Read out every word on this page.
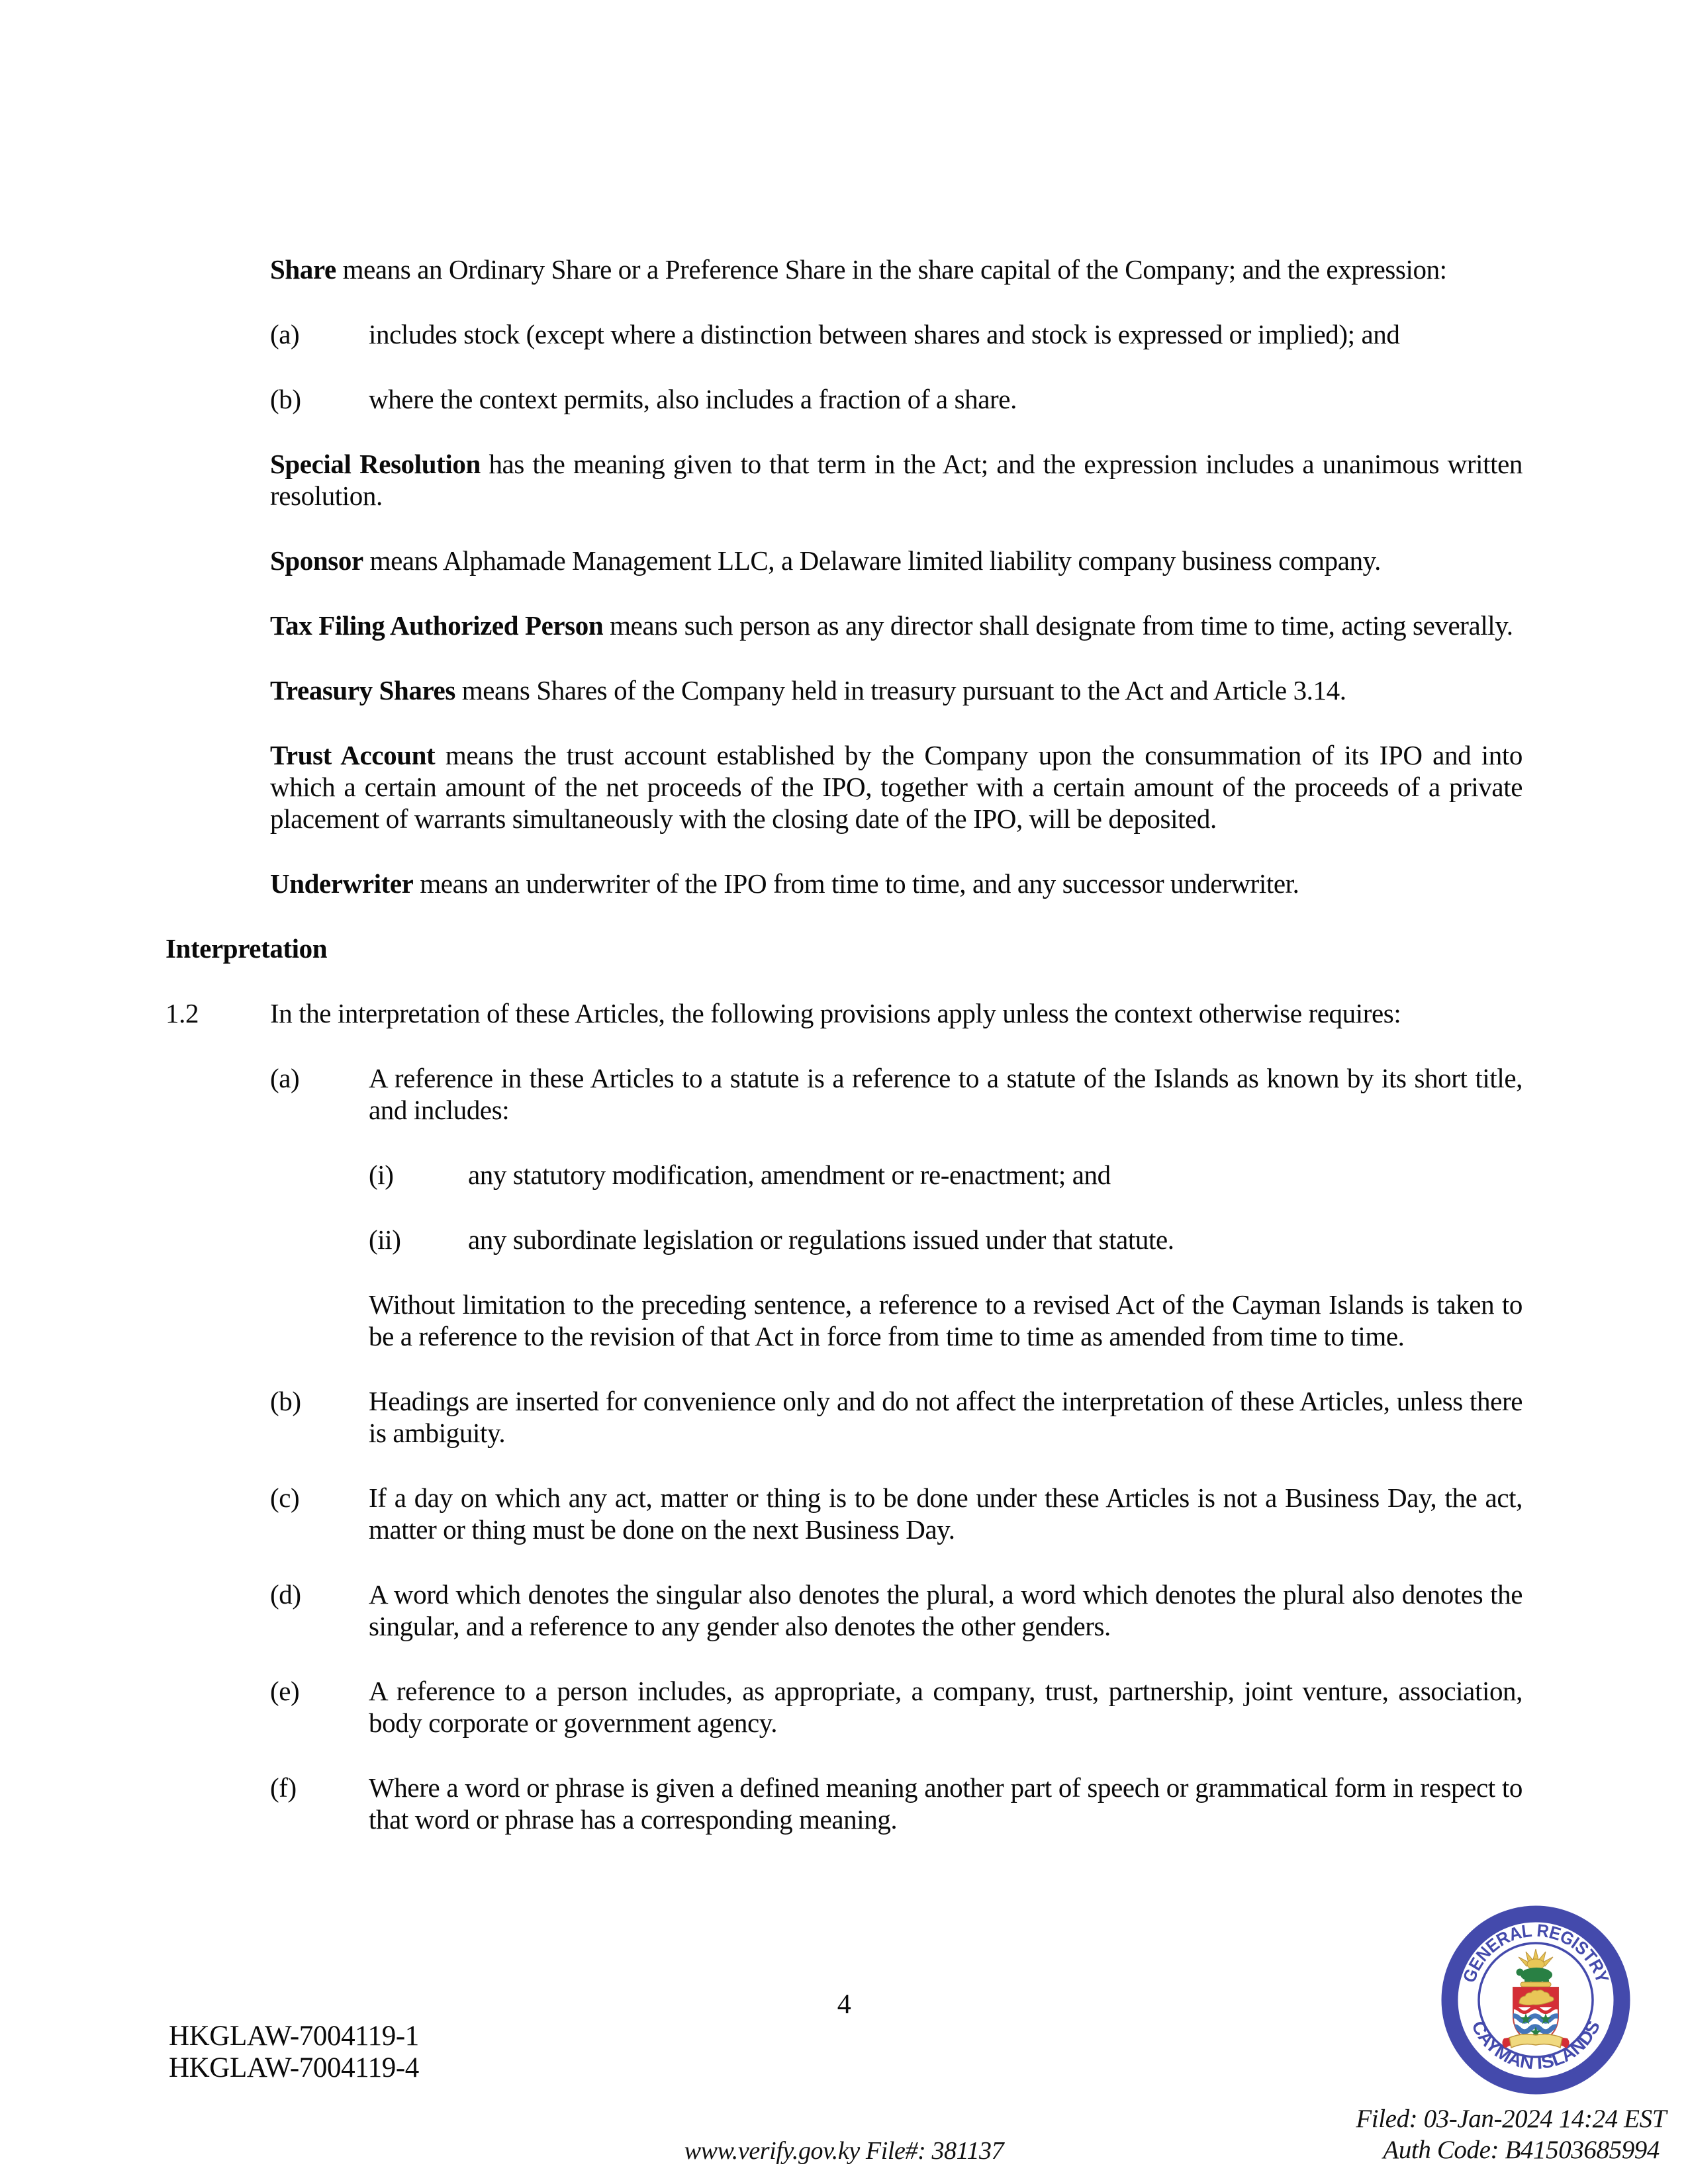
Share means an Ordinary Share or a Preference Share in the share capital of the Company; and the expression:

(a)	includes stock (except where a distinction between shares and stock is expressed or implied); and
(b) where the context permits, also includes a fraction of a share.

Special Resolution has the meaning given to that term in the Act; and the expression includes a unanimous written resolution.

Sponsor means Alphamade Management LLC, a Delaware limited liability company business company.

Tax Filing Authorized Person means such person as any director shall designate from time to time, acting severally.

Treasury Shares means Shares of the Company held in treasury pursuant to the Act and Article 3.14.

Trust Account means the trust account established by the Company upon the consummation of its IPO and into which a certain amount of the net proceeds of the IPO, together with a certain amount of the proceeds of a private placement of warrants simultaneously with the closing date of the IPO, will be deposited.

Underwriter means an underwriter of the IPO from time to time, and any successor underwriter.

Interpretation
1.2	In the interpretation of these Articles, the following provisions apply unless the context otherwise requires:
(a)	A reference in these Articles to a statute is a reference to a statute of the Islands as known by its short title, and includes:
(i)	any statutory modification, amendment or re-enactment; and
(ii) any subordinate legislation or regulations issued under that statute.

Without limitation to the preceding sentence, a reference to a revised Act of the Cayman Islands is taken to be a reference to the revision of that Act in force from time to time as amended from time to time.

(b) Headings are inserted for convenience only and do not affect the interpretation of these Articles, unless there is ambiguity.
(c)	If a day on which any act, matter or thing is to be done under these Articles is not a Business Day, the act, matter or thing must be done on the next Business Day.
(d) A word which denotes the singular also denotes the plural, a word which denotes the plural also denotes the singular, and a reference to any gender also denotes the other genders.
(e)	A reference to a person includes, as appropriate, a company, trust, partnership, joint venture, association, body corporate or government agency.
(f)	Where a word or phrase is given a defined meaning another part of speech or grammatical form in respect to that word or phrase has a corresponding meaning.
4
HKGLAW-7004119-1
HKGLAW-7004119-4
GENERAL REGISTRY
CAYMAN ISLANDS
Filed: 03-Jan-2024 14:24 EST
Auth Code: B41503685994
www.verify.gov.ky File#: 381137
